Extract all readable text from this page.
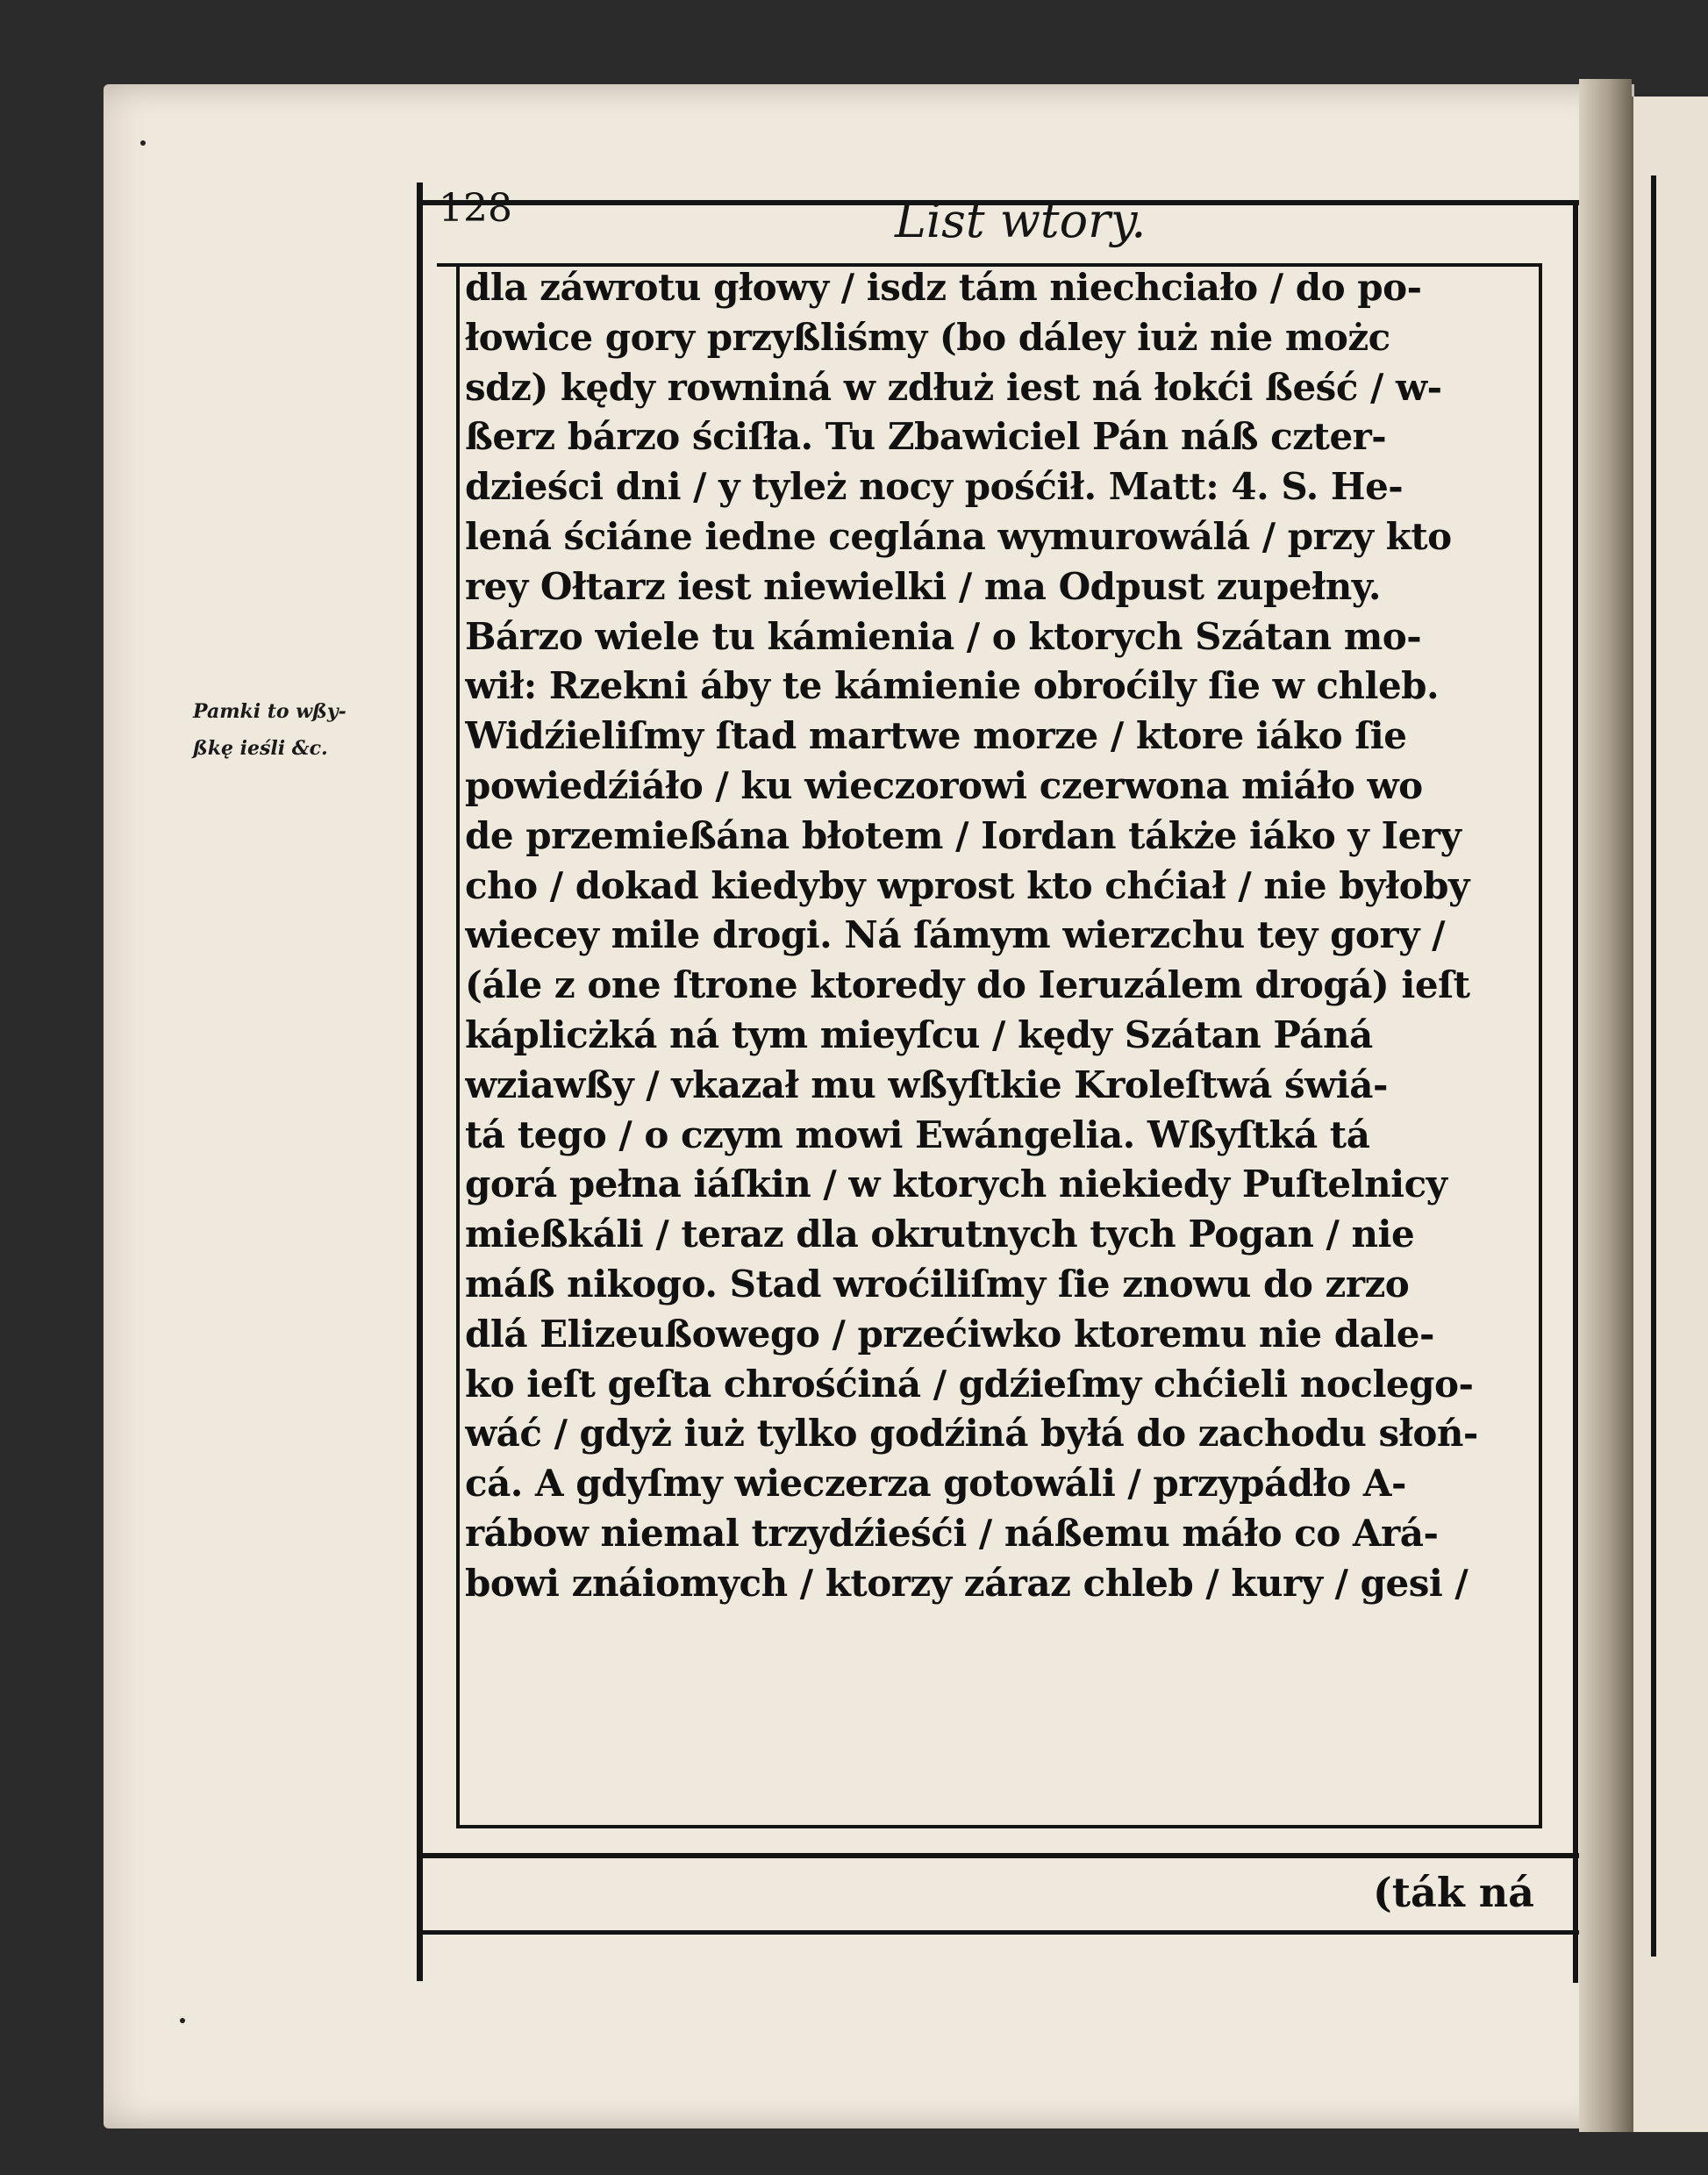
128	List wtory.
Pamki to wßy-
ßkę ieśli &c.
dla záwrotu głowy / isdz tám niechciało / do po-
łowice gory przyßliśmy (bo dáley iuż nie możc
sdz) kędy rowniná w zdłuż iest ná łokći ßeść / w-
ßerz bárzo ściſła. Tu Zbawiciel Pán náß czter-
dzieści dni / y tyleż nocy pośćił. Matt: 4. S. He-
lená ściáne iedne ceglána wymurowálá / przy kto
rey Ołtarz iest niewielki / ma Odpust zupełny.
Bárzo wiele tu kámienia / o ktorych Szátan mo-
wił: Rzekni áby te kámienie obroćily ſie w chleb.
Widźieliſmy ſtad martwe morze / ktore iáko ſie
powiedźiáło / ku wieczorowi czerwona miáło wo
de przemießána błotem / Iordan tákże iáko y Iery
cho / dokad kiedyby wprost kto chćiał / nie byłoby
wiecey mile drogi. Ná ſámym wierzchu tey gory /
(ále z one ſtrone ktoredy do Ieruzálem drogá) ieſt
káplicżká ná tym mieyſcu / kędy Szátan Páná
wziawßy / vkazał mu wßyſtkie Kroleſtwá świá-
tá tego / o czym mowi Ewángelia. Wßyſtká tá
gorá pełna iáſkin / w ktorych niekiedy Puſtelnicy
mießkáli / teraz dla okrutnych tych Pogan / nie
máß nikogo. Stad wroćiliſmy ſie znowu do zrzo
dlá Elizeußowego / przećiwko ktoremu nie dale-
ko ieſt geſta chrośćiná / gdźieſmy chćieli noclego-
wáć / gdyż iuż tylko godźiná byłá do zachodu słoń-
cá. A gdyſmy wieczerza gotowáli / przypádło A-
rábow niemal trzydźieśći / náßemu máło co Ará-
bowi znáiomych / ktorzy záraz chleb / kury / gesi /
(ták ná
